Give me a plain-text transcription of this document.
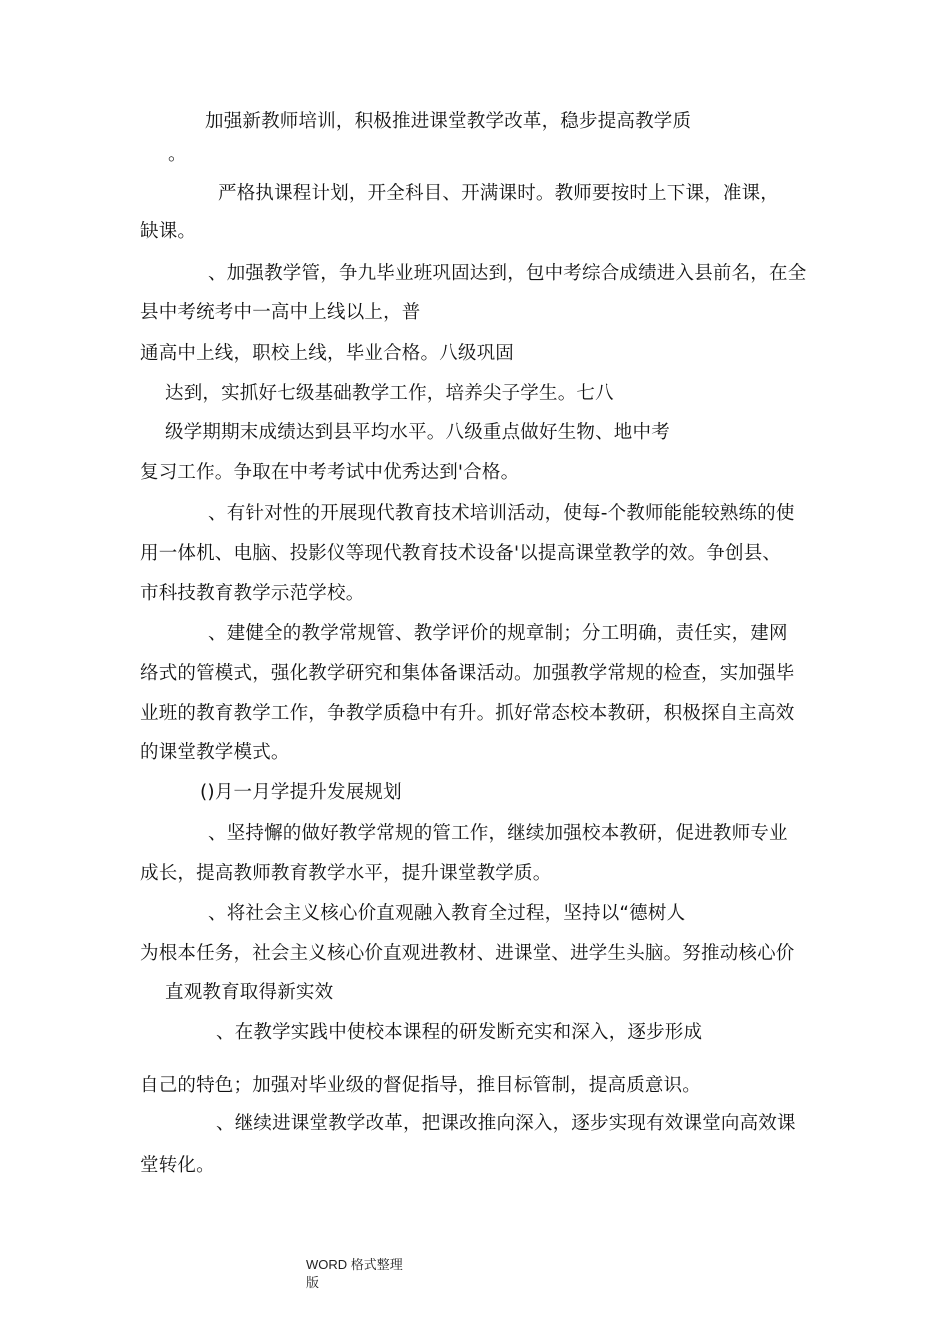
加强新教师培训，积极推进课堂教学改革，稳步提高教学质
。
严格执课程计划，开全科目、开满课时。教师要按时上下课，准课，
缺课。
、加强教学管，争九毕业班巩固达到，包中考综合成绩进入县前名，在全
县中考统考中一高中上线以上，普
通高中上线，职校上线，毕业合格。八级巩固
达到，实抓好七级基础教学工作，培养尖子学生。七八
级学期期末成绩达到县平均水平。八级重点做好生物、地中考
复习工作。争取在中考考试中优秀达到'合格。
、有针对性的开展现代教育技术培训活动，使每-个教师能能较熟练的使
用一体机、电脑、投影仪等现代教育技术设备'以提高课堂教学的效。争创县、
市科技教育教学示范学校。
、建健全的教学常规管、教学评价的规章制；分工明确，责任实，建网
络式的管模式，强化教学研究和集体备课活动。加强教学常规的检查，实加强毕
业班的教育教学工作，争教学质稳中有升。抓好常态校本教研，积极探自主高效
的课堂教学模式。
()月一月学提升发展规划
、坚持懈的做好教学常规的管工作，继续加强校本教研，促进教师专业
成长，提高教师教育教学水平，提升课堂教学质。
、将社会主义核心价直观融入教育全过程，坚持以“德树人
为根本任务，社会主义核心价直观进教材、进课堂、进学生头脑。努推动核心价
直观教育取得新实效
、在教学实践中使校本课程的研发断充实和深入，逐步形成
自己的特色；加强对毕业级的督促指导，推目标管制，提高质意识。
、继续进课堂教学改革，把课改推向深入，逐步实现有效课堂向高效课
堂转化。
WORD 格式整理
版
